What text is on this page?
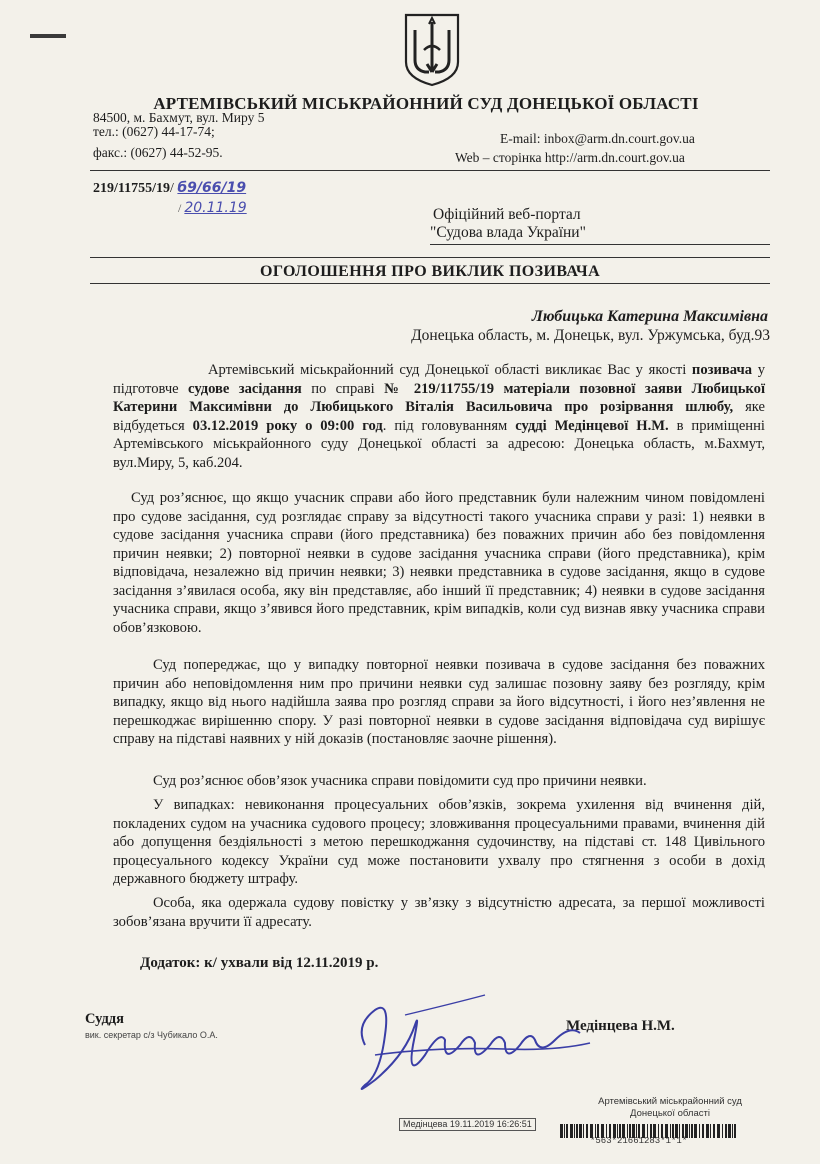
АРТЕМІВСЬКИЙ МІСЬКРАЙОННИЙ СУД ДОНЕЦЬКОЇ ОБЛАСТІ
84500, м. Бахмут, вул. Миру 5
тел.: (0627) 44-17-74;
факс.: (0627) 44-52-95.
E-mail: inbox@arm.dn.court.gov.ua
Web – сторінка http://arm.dn.court.gov.ua
219/11755/19/ б9/66/19
/ 20.11.19	Офіційний веб-портал
"Судова влада України"
ОГОЛОШЕННЯ ПРО ВИКЛИК ПОЗИВАЧА
Любицька Катерина Максимівна
Донецька область, м. Донецьк, вул. Уржумська, буд.93
Артемівський міськрайонний суд Донецької області викликає Вас у якості позивача у підготовче судове засідання по справі № 219/11755/19 матеріали позовної заяви Любицької Катерини Максимівни до Любицького Віталія Васильовича про розірвання шлюбу, яке відбудеться 03.12.2019 року о 09:00 год. під головуванням судді Медінцевої Н.М. в приміщенні Артемівського міськрайонного суду Донецької області за адресою: Донецька область, м.Бахмут, вул.Миру, 5, каб.204.
Суд роз’яснює, що якщо учасник справи або його представник були належним чином повідомлені про судове засідання, суд розглядає справу за відсутності такого учасника справи у разі: 1) неявки в судове засідання учасника справи (його представника) без поважних причин або без повідомлення причин неявки; 2) повторної неявки в судове засідання учасника справи (його представника), крім відповідача, незалежно від причин неявки; 3) неявки представника в судове засідання, якщо в судове засідання з’явилася особа, яку він представляє, або інший її представник; 4) неявки в судове засідання учасника справи, якщо з’явився його представник, крім випадків, коли суд визнав явку учасника справи обов’язковою.
Суд попереджає, що у випадку повторної неявки позивача в судове засідання без поважних причин або неповідомлення ним про причини неявки суд залишає позовну заяву без розгляду, крім випадку, якщо від нього надійшла заява про розгляд справи за його відсутності, і його нез’явлення не перешкоджає вирішенню спору. У разі повторної неявки в судове засідання відповідача суд вирішує справу на підставі наявних у ній доказів (постановляє заочне рішення).
Суд роз’яснює обов’язок учасника справи повідомити суд про причини неявки.
У випадках: невиконання процесуальних обов’язків, зокрема ухилення від вчинення дій, покладених судом на учасника судового процесу; зловживання процесуальними правами, вчинення дій або допущення бездіяльності з метою перешкоджання судочинству, на підставі ст. 148 Цивільного процесуального кодексу України суд може постановити ухвалу про стягнення з особи в дохід державного бюджету штрафу.
Особа, яка одержала судову повістку у зв’язку з відсутністю адресата, за першої можливості зобов’язана вручити її адресату.
Додаток: к/ ухвали від 12.11.2019 р.
Суддя
вик. секретар с/з Чубикало О.А.
Медінцева Н.М.
Артемівський міськрайонний суд
Донецької області
Медінцева 19.11.2019 16:26:51
*563*21661283*1*1*
